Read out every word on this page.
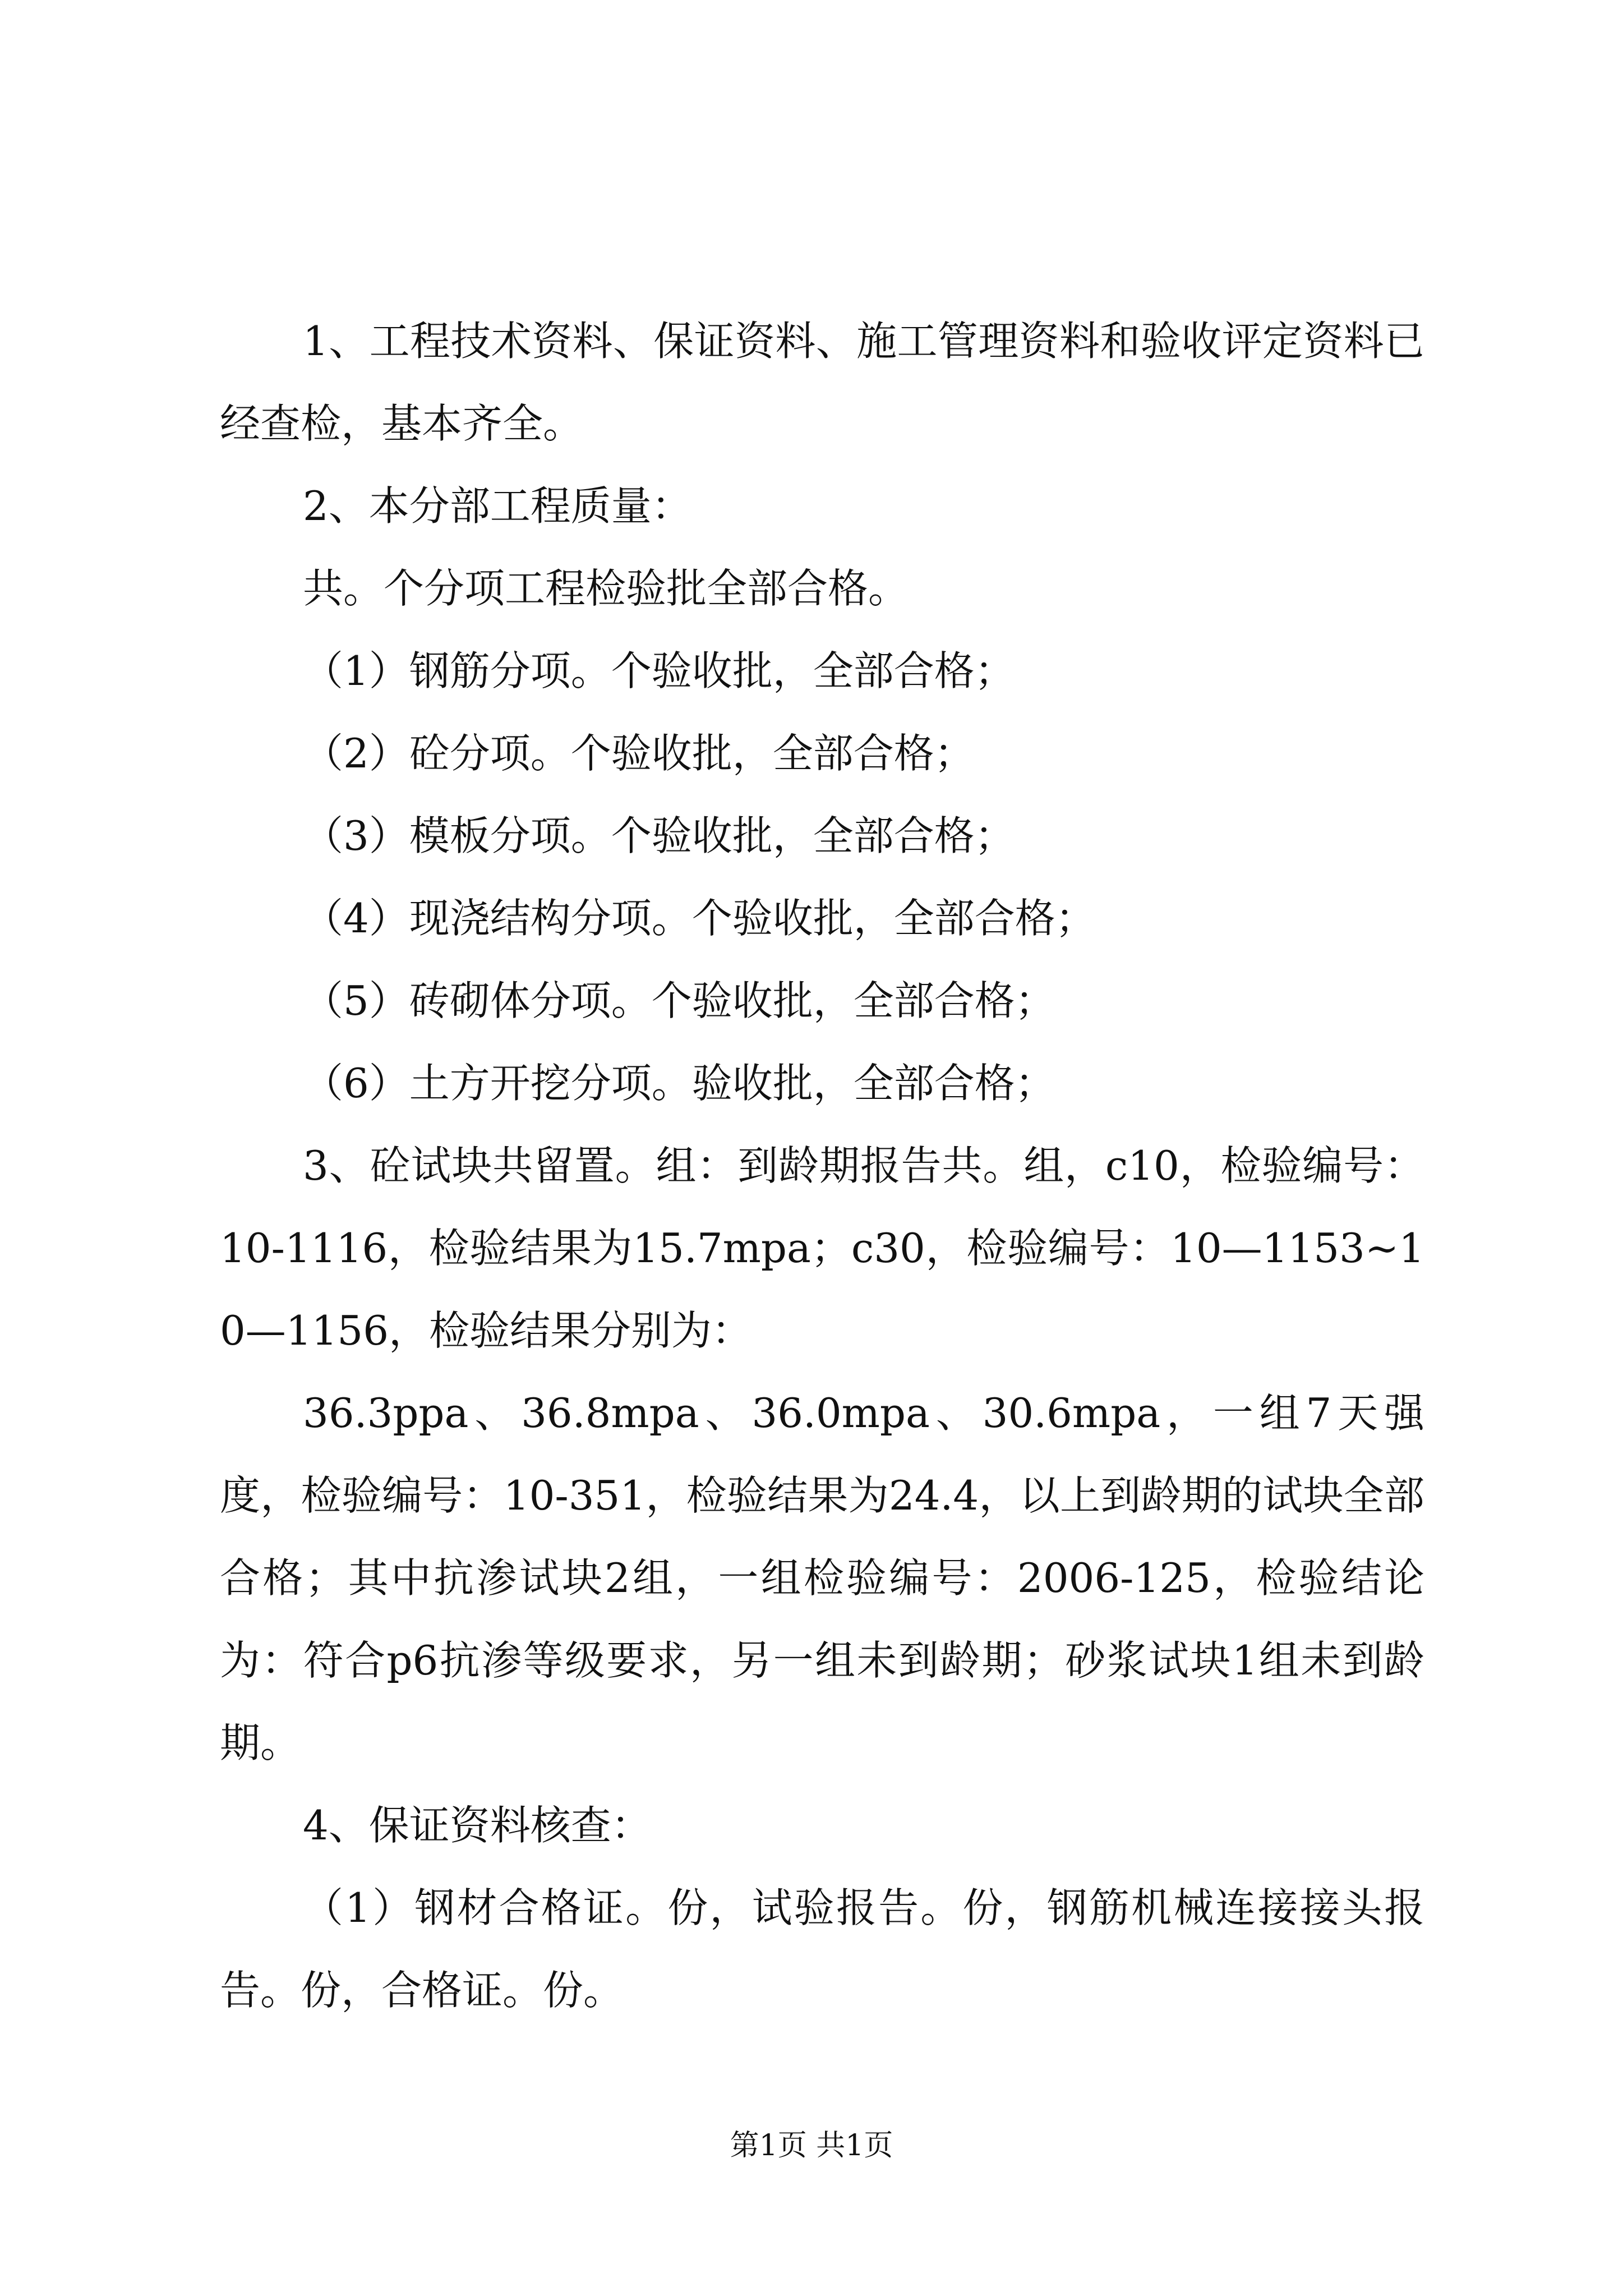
1、工程技术资料、保证资料、施工管理资料和验收评定资料已经查检，基本齐全。

2、本分部工程质量：

共。个分项工程检验批全部合格。

（1）钢筋分项。个验收批，全部合格；

（2）砼分项。个验收批，全部合格；

（3）模板分项。个验收批，全部合格；

（4）现浇结构分项。个验收批，全部合格；

（5）砖砌体分项。个验收批，全部合格；

（6）土方开挖分项。验收批，全部合格；

3、砼试块共留置。组：到龄期报告共。组，c10，检验编号：10-1116，检验结果为15.7mpa；c30，检验编号：10—1153~10—1156，检验结果分别为：

36.3ppa、36.8mpa、36.0mpa、30.6mpa，一组7天强度，检验编号：10-351，检验结果为24.4，以上到龄期的试块全部合格；其中抗渗试块2组，一组检验编号：2006-125，检验结论为：符合p6抗渗等级要求，另一组未到龄期；砂浆试块1组未到龄期。

4、保证资料核查：

（1）钢材合格证。份，试验报告。份，钢筋机械连接接头报告。份，合格证。份。

第1页 共1页
